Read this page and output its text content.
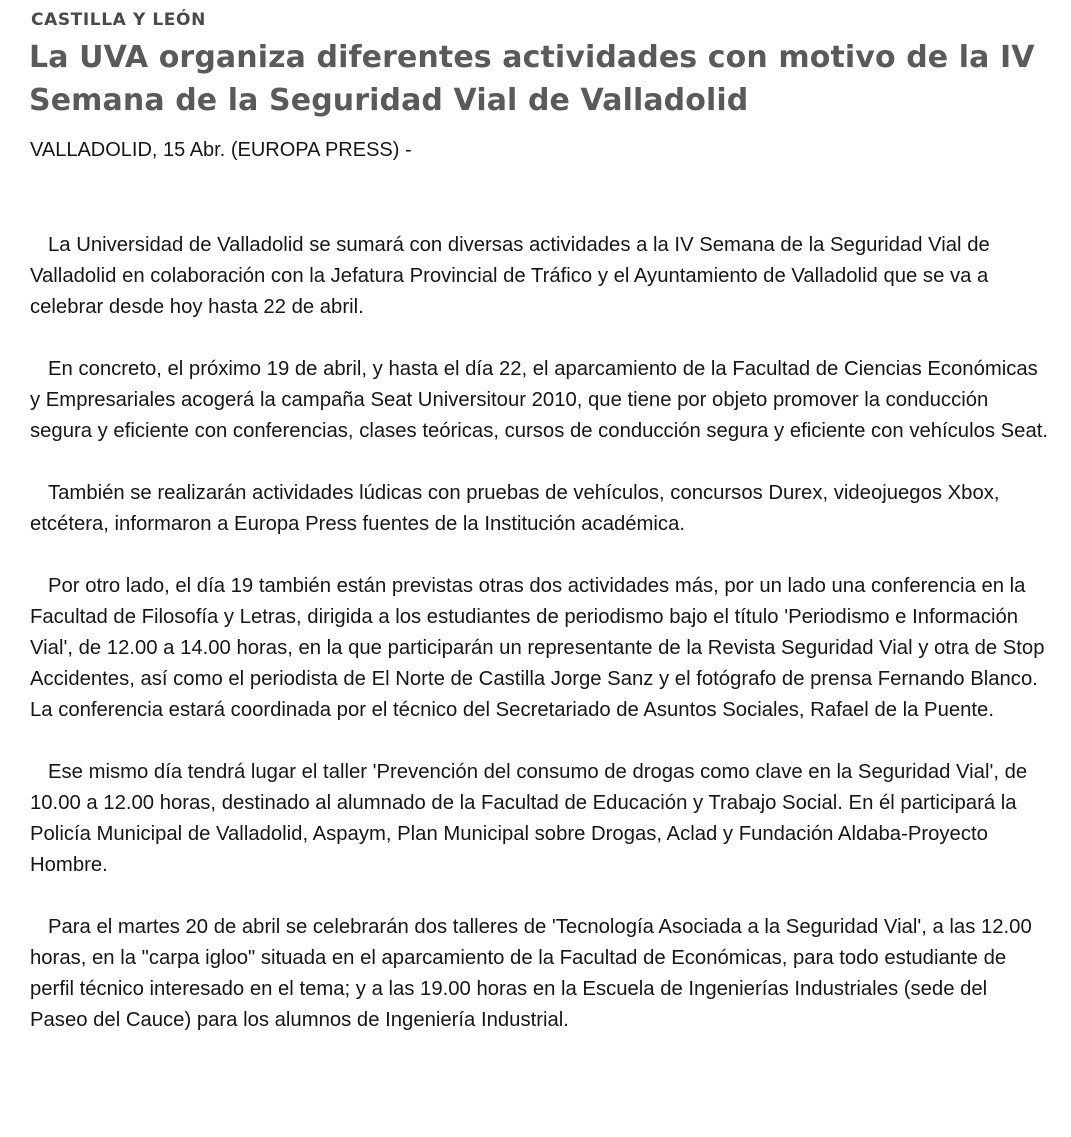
CASTILLA Y LEÓN
La UVA organiza diferentes actividades con motivo de la IV Semana de la Seguridad Vial de Valladolid
VALLADOLID, 15 Abr. (EUROPA PRESS) -

La Universidad de Valladolid se sumará con diversas actividades a la IV Semana de la Seguridad Vial de Valladolid en colaboración con la Jefatura Provincial de Tráfico y el Ayuntamiento de Valladolid que se va a celebrar desde hoy hasta 22 de abril.

En concreto, el próximo 19 de abril, y hasta el día 22, el aparcamiento de la Facultad de Ciencias Económicas y Empresariales acogerá la campaña Seat Universitour 2010, que tiene por objeto promover la conducción segura y eficiente con conferencias, clases teóricas, cursos de conducción segura y eficiente con vehículos Seat.

También se realizarán actividades lúdicas con pruebas de vehículos, concursos Durex, videojuegos Xbox, etcétera, informaron a Europa Press fuentes de la Institución académica.

Por otro lado, el día 19 también están previstas otras dos actividades más, por un lado una conferencia en la Facultad de Filosofía y Letras, dirigida a los estudiantes de periodismo bajo el título 'Periodismo e Información Vial', de 12.00 a 14.00 horas, en la que participarán un representante de la Revista Seguridad Vial y otra de Stop Accidentes, así como el periodista de El Norte de Castilla Jorge Sanz y el fotógrafo de prensa Fernando Blanco. La conferencia estará coordinada por el técnico del Secretariado de Asuntos Sociales, Rafael de la Puente.

Ese mismo día tendrá lugar el taller 'Prevención del consumo de drogas como clave en la Seguridad Vial', de 10.00 a 12.00 horas, destinado al alumnado de la Facultad de Educación y Trabajo Social. En él participará la Policía Municipal de Valladolid, Aspaym, Plan Municipal sobre Drogas, Aclad y Fundación Aldaba-Proyecto Hombre.

Para el martes 20 de abril se celebrarán dos talleres de 'Tecnología Asociada a la Seguridad Vial', a las 12.00 horas, en la "carpa igloo" situada en el aparcamiento de la Facultad de Económicas, para todo estudiante de perfil técnico interesado en el tema; y a las 19.00 horas en la Escuela de Ingenierías Industriales (sede del Paseo del Cauce) para los alumnos de Ingeniería Industrial.
